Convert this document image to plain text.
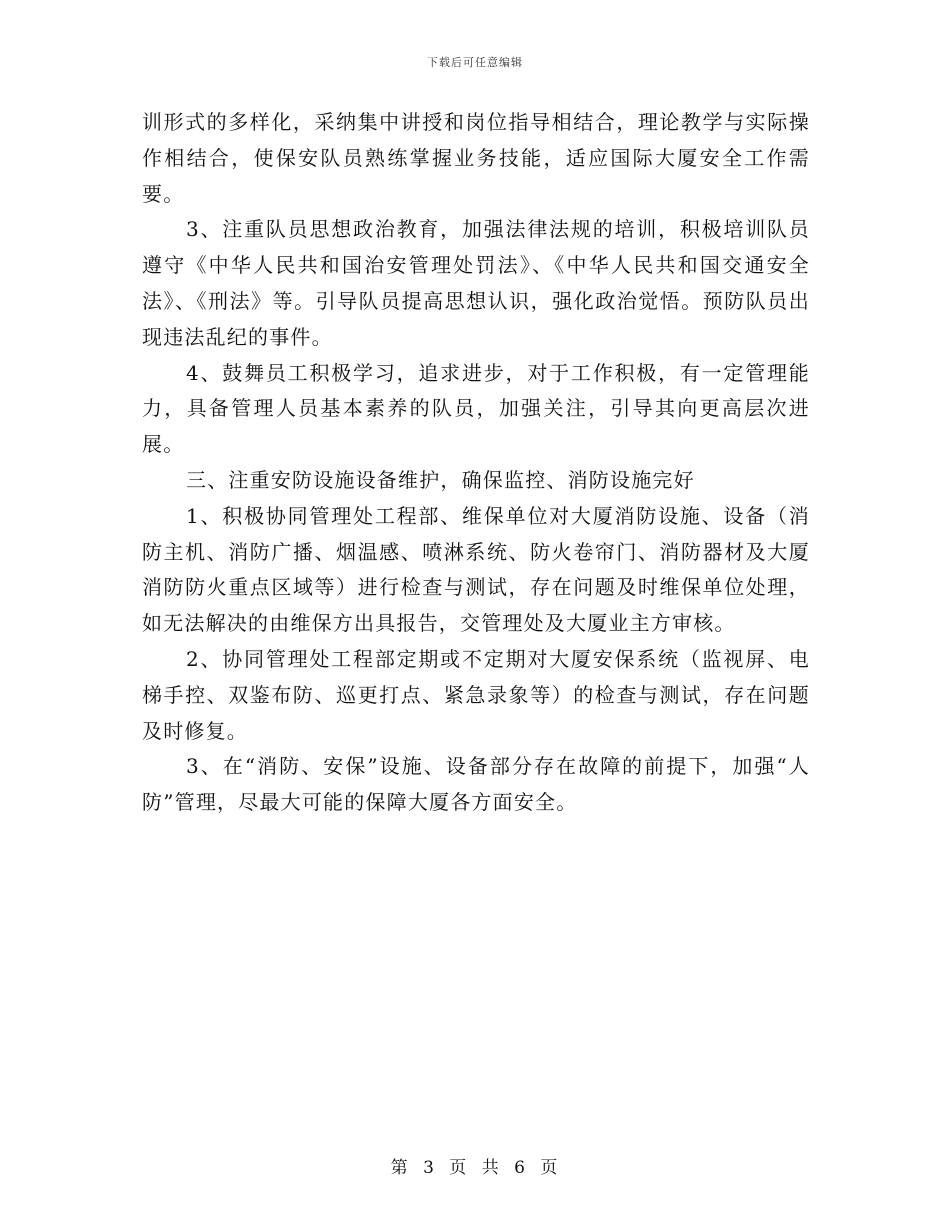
下载后可任意编辑

训形式的多样化，采纳集中讲授和岗位指导相结合，理论教学与实际操作相结合，使保安队员熟练掌握业务技能，适应国际大厦安全工作需要。

3、注重队员思想政治教育，加强法律法规的培训，积极培训队员遵守《中华人民共和国治安管理处罚法》、《中华人民共和国交通安全法》、《刑法》等。引导队员提高思想认识，强化政治觉悟。预防队员出现违法乱纪的事件。

4、鼓舞员工积极学习，追求进步，对于工作积极，有一定管理能力，具备管理人员基本素养的队员，加强关注，引导其向更高层次进展。

三、注重安防设施设备维护，确保监控、消防设施完好

1、积极协同管理处工程部、维保单位对大厦消防设施、设备（消防主机、消防广播、烟温感、喷淋系统、防火卷帘门、消防器材及大厦消防防火重点区域等）进行检查与测试，存在问题及时维保单位处理，如无法解决的由维保方出具报告，交管理处及大厦业主方审核。

2、协同管理处工程部定期或不定期对大厦安保系统（监视屏、电梯手控、双鉴布防、巡更打点、紧急录象等）的检查与测试，存在问题及时修复。

3、在“消防、安保”设施、设备部分存在故障的前提下，加强“人防”管理，尽最大可能的保障大厦各方面安全。

第 3 页 共 6 页
